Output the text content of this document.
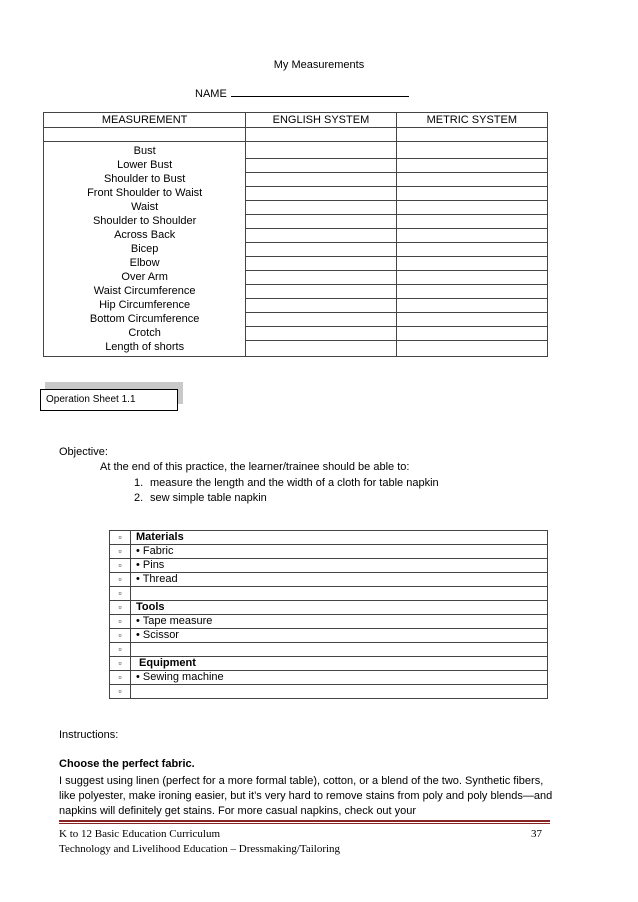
My Measurements
NAME
MEASUREMENT	ENGLISH SYSTEM	METRIC SYSTEM

Bust		
Lower Bust		
Shoulder to Bust		
Front Shoulder to Waist		
Waist		
Shoulder to Shoulder		
Across Back		
Bicep		
Elbow		
Over Arm		
Waist Circumference		
Hip Circumference		
Bottom Circumference		
Crotch		
Length of shorts		
Operation Sheet 1.1
Objective:
At the end of this practice, the learner/trainee should be able to:
1. measure the length and the width of a cloth for table napkin
2. sew simple table napkin
▫	Materials
▫	• Fabric
▫	• Pins
▫	• Thread
▫	
▫	Tools
▫	• Tape measure
▫	• Scissor
▫	
▫	Equipment
▫	• Sewing machine
▫	
Instructions:
Choose the perfect fabric.
I suggest using linen (perfect for a more formal table), cotton, or a blend of the two. Synthetic fibers, like polyester, make ironing easier, but it’s very hard to remove stains from poly and poly blends—and napkins will definitely get stains. For more casual napkins, check out your
K to 12 Basic Education Curriculum
Technology and Livelihood Education – Dressmaking/Tailoring
37
